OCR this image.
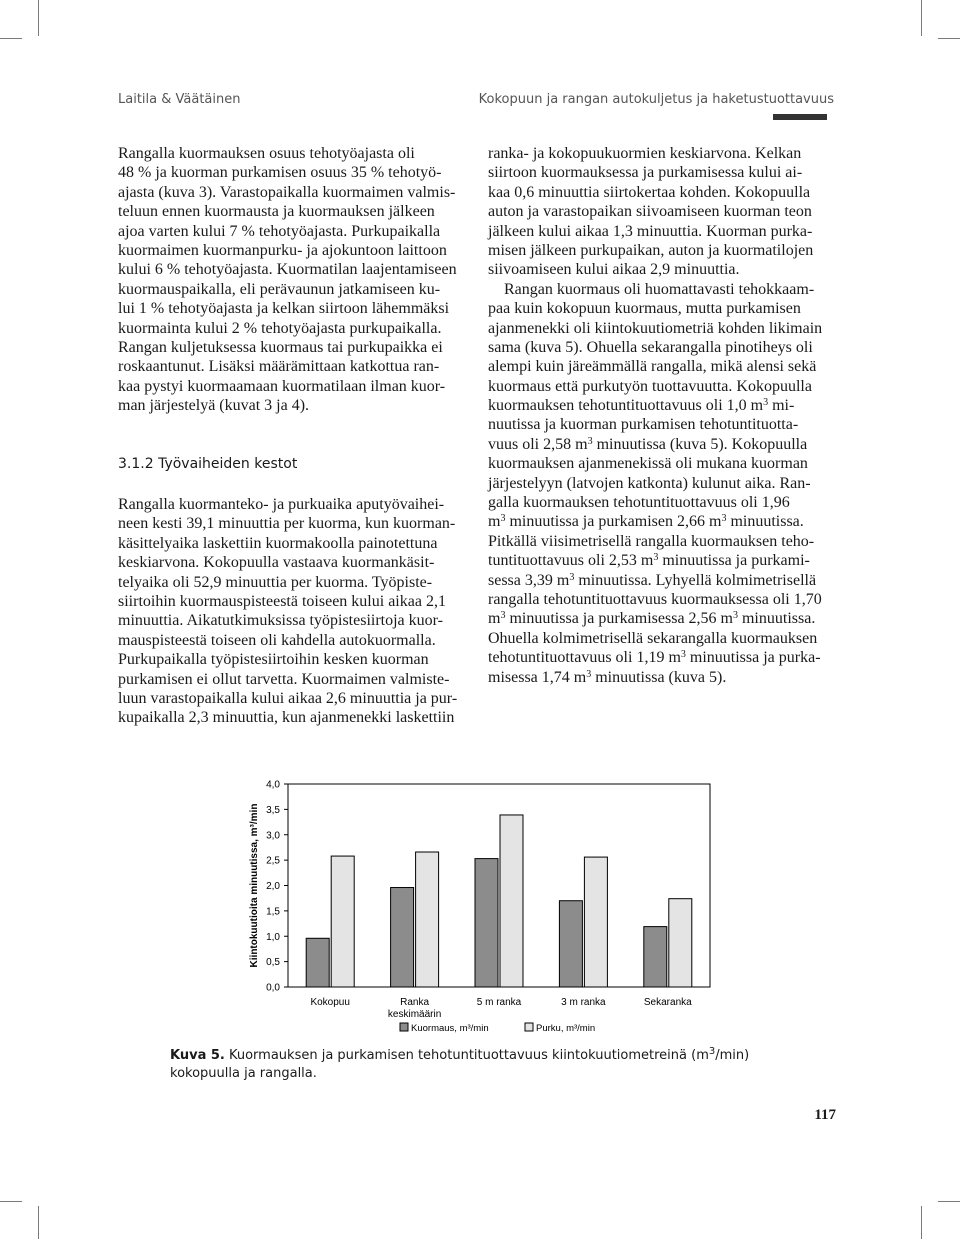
Laitila & Väätäinen	Kokopuun ja rangan autokuljetus ja haketustuottavuus
Rangalla kuormauksen osuus tehotyöajasta oli
48 % ja kuorman purkamisen osuus 35 % tehotyö-
ajasta (kuva 3). Varastopaikalla kuormaimen valmis-
teluun ennen kuormausta ja kuormauksen jälkeen
ajoa varten kului 7 % tehotyöajasta. Purkupaikalla
kuormaimen kuormanpurku- ja ajokuntoon laittoon
kului 6 % tehotyöajasta. Kuormatilan laajentamiseen
kuormauspaikalla, eli perävaunun jatkamiseen ku-
lui 1 % tehotyöajasta ja kelkan siirtoon lähemmäksi
kuormainta kului 2 % tehotyöajasta purkupaikalla.
Rangan kuljetuksessa kuormaus tai purkupaikka ei
roskaantunut. Lisäksi määrämittaan katkottua ran-
kaa pystyi kuormaamaan kuormatilaan ilman kuor-
man järjestelyä (kuvat 3 ja 4).
3.1.2 Työvaiheiden kestot
Rangalla kuormanteko- ja purkuaika aputyövaihei-
neen kesti 39,1 minuuttia per kuorma, kun kuorman-
käsittelyaika laskettiin kuormakoolla painotettuna
keskiarvona. Kokopuulla vastaava kuormankäsit-
telyaika oli 52,9 minuuttia per kuorma. Työpiste-
siirtoihin kuormauspisteestä toiseen kului aikaa 2,1
minuuttia. Aikatutkimuksissa työpistesiirtoja kuor-
mauspisteestä toiseen oli kahdella autokuormalla.
Purkupaikalla työpistesiirtoihin kesken kuorman
purkamisen ei ollut tarvetta. Kuormaimen valmiste-
luun varastopaikalla kului aikaa 2,6 minuuttia ja pur-
kupaikalla 2,3 minuuttia, kun ajanmenekki laskettiin
ranka- ja kokopuukuormien keskiarvona. Kelkan
siirtoon kuormauksessa ja purkamisessa kului ai-
kaa 0,6 minuuttia siirtokertaa kohden. Kokopuulla
auton ja varastopaikan siivoamiseen kuorman teon
jälkeen kului aikaa 1,3 minuuttia. Kuorman purka-
misen jälkeen purkupaikan, auton ja kuormatilojen
siivoamiseen kului aikaa 2,9 minuuttia.
Rangan kuormaus oli huomattavasti tehokkaam-
paa kuin kokopuun kuormaus, mutta purkamisen
ajanmenekki oli kiintokuutiometriä kohden likimain
sama (kuva 5). Ohuella sekarangalla pinotiheys oli
alempi kuin järeämmällä rangalla, mikä alensi sekä
kuormaus että purkutyön tuottavuutta. Kokopuulla
kuormauksen tehotuntituottavuus oli 1,0 $m^3$ mi-
nuutissa ja kuorman purkamisen tehotuntituotta-
vuus oli 2,58 $m^3$ minuutissa (kuva 5). Kokopuulla
kuormauksen ajanmenekissä oli mukana kuorman
järjestelyyn (latvojen katkonta) kulunut aika. Ran-
galla kuormauksen tehotuntituottavuus oli 1,96
$m^3$ minuutissa ja purkamisen 2,66 $m^3$ minuutissa.
Pitkällä viisimetrisellä rangalla kuormauksen teho-
tuntituottavuus oli 2,53 $m^3$ minuutissa ja purkami-
sessa 3,39 $m^3$ minuutissa. Lyhyellä kolmimetrisellä
rangalla tehotuntituottavuus kuormauksessa oli 1,70
$m^3$ minuutissa ja purkamisessa 2,56 $m^3$ minuutissa.
Ohuella kolmimetrisellä sekarangalla kuormauksen
tehotuntituottavuus oli 1,19 $m^3$ minuutissa ja purka-
misessa 1,74 $m^3$ minuutissa (kuva 5).
0,0
0,5
1,0
1,5
2,0
2,5
3,0
3,5
4,0
Kiintokuutioita minuutissa, m³/min
Kokopuu	Ranka
keskimäärin
5 m ranka	3 m ranka	Sekaranka
Kuormaus, m³/min	Purku, m³/min
Kuva 5. Kuormauksen ja purkamisen tehotuntituottavuus kiintokuutiometreinä $(m^3/\min)$ kokopuulla ja rangalla.
117
